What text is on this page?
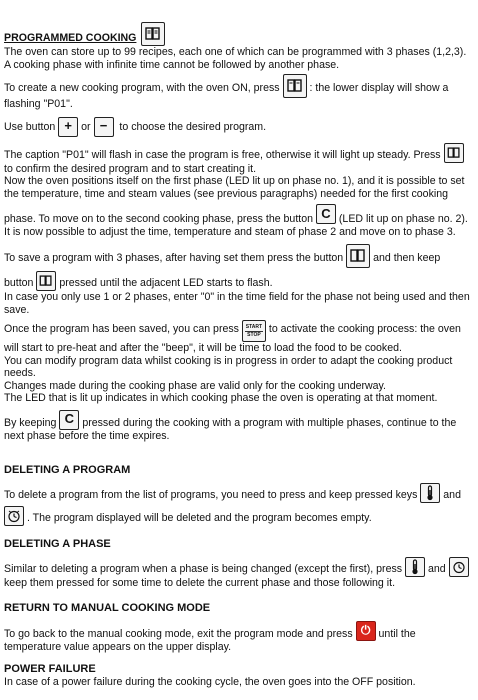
PROGRAMMED COOKING

The oven can store up to 99 recipes, each one of which can be programmed with 3 phases (1,2,3). A cooking phase with infinite time cannot be followed by another phase.

To create a new cooking program, with the oven ON, press	: the lower display will show a flashing "P01".

Use button + or −	to choose the desired program.

The caption "P01" will flash in case the program is free, otherwise it will light up steady. Press  to confirm the desired program and to start creating it.

Now the oven positions itself on the first phase (LED lit up on phase no. 1), and it is possible to set the temperature, time and steam values (see previous paragraphs) needed for the first cooking

phase. To move on to the second cooking phase, press the button C (LED lit up on phase no. 2). It is now possible to adjust the time, temperature and steam of phase 2 and move on to phase 3.

To save a program with 3 phases, after having set them press the button	and then keep

button pressed until the adjacent LED starts to flash.

In case you only use 1 or 2 phases, enter "0" in the time field for the phase not being used and then save.

Once the program has been saved, you can press	START
STOP to activate the cooking process: the oven will start to pre-heat and after the "beep", it will be time to load the food to be cooked.

You can modify program data whilst cooking is in progress in order to adapt the cooking product needs.

Changes made during the cooking phase are valid only for the cooking underway.

The LED that is lit up indicates in which cooking phase the oven is operating at that moment.

By keeping C pressed during the cooking with a program with multiple phases, continue to the next phase before the time expires.

DELETING A PROGRAM

To delete a program from the list of programs, you need to press and keep pressed keys and

. The program displayed will be deleted and the program becomes empty.

DELETING A PHASE

Similar to deleting a program when a phase is being changed (except the first), press and  keep them pressed for some time to delete the current phase and those following it.

RETURN TO MANUAL COOKING MODE

To go back to the manual cooking mode, exit the program mode and press ⏻ until the temperature value appears on the upper display.

POWER FAILURE

In case of a power failure during the cooking cycle, the oven goes into the OFF position.
